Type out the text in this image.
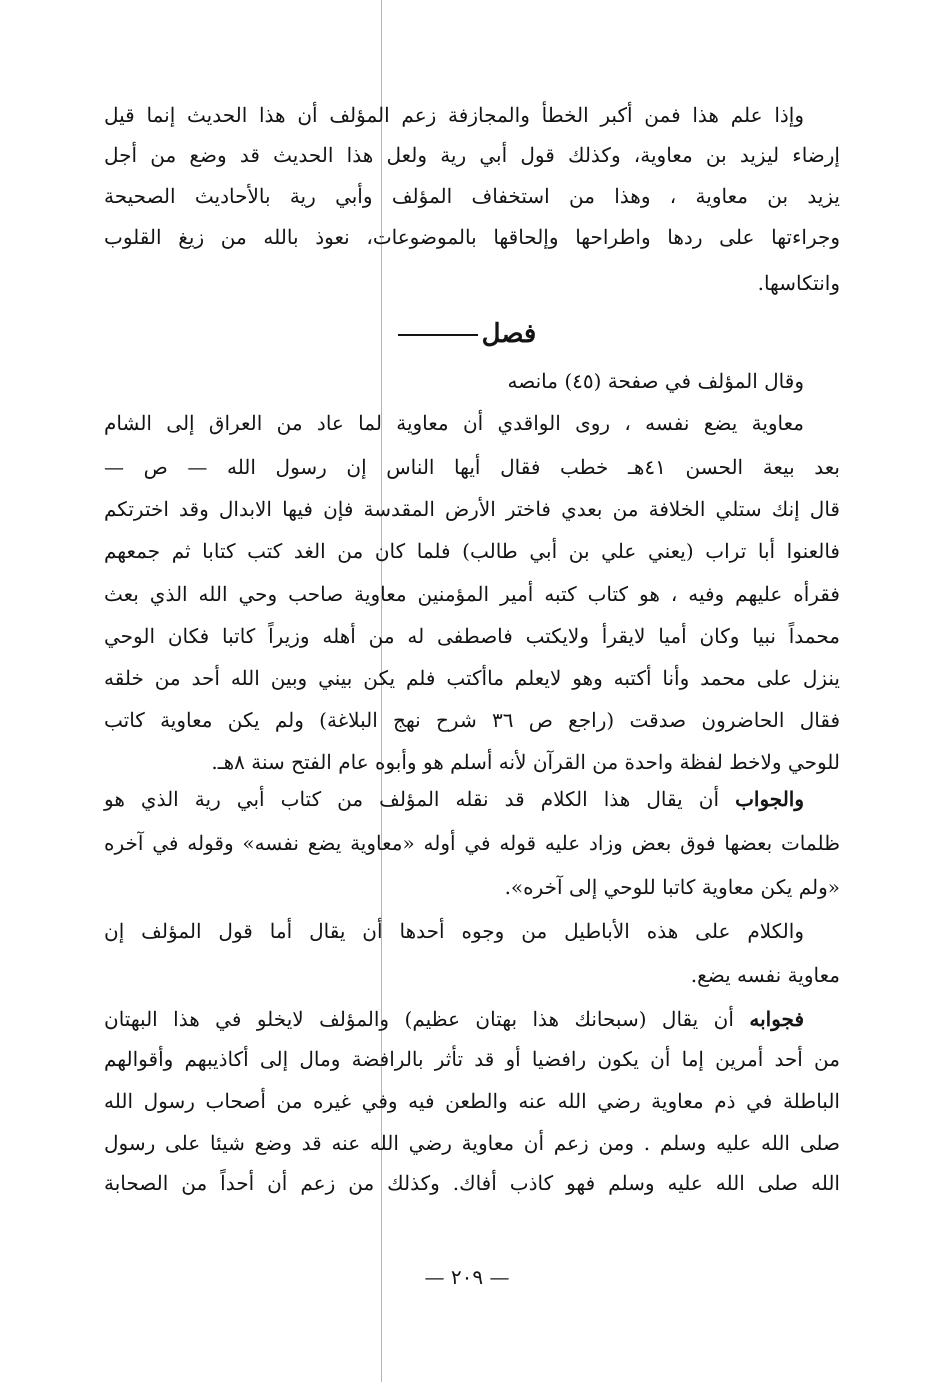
وإذا علم هذا فمن أكبر الخطأ والمجازفة زعم المؤلف أن هذا الحديث إنما قيل
إرضاء ليزيد بن معاوية، وكذلك قول أبي رية ولعل هذا الحديث قد وضع من أجل
يزيد بن معاوية ، وهذا من استخفاف المؤلف وأبي رية بالأحاديث الصحيحة
وجراءتها على ردها واطراحها وإلحاقها بالموضوعات، نعوذ بالله من زيغ القلوب
وانتكاسها.
فصل
وقال المؤلف في صفحة (٤٥) مانصه
معاوية يضع نفسه ، روى الواقدي أن معاوية لما عاد من العراق إلى الشام
بعد بيعة الحسن ٤١هـ خطب فقال أيها الناس إن رسول الله — ص —
قال إنك ستلي الخلافة من بعدي فاختر الأرض المقدسة فإن فيها الابدال وقد اخترتكم
فالعنوا أبا تراب (يعني علي بن أبي طالب) فلما كان من الغد كتب كتابا ثم جمعهم
فقرأه عليهم وفيه ، هو كتاب كتبه أمير المؤمنين معاوية صاحب وحي الله الذي بعث
محمداً نبيا وكان أميا لايقرأ ولايكتب فاصطفى له من أهله وزيراً كاتبا فكان الوحي
ينزل على محمد وأنا أكتبه وهو لايعلم ماأكتب فلم يكن بيني وبين الله أحد من خلقه
فقال الحاضرون صدقت (راجع ص ٣٦ شرح نهج البلاغة) ولم يكن معاوية كاتب
للوحي ولاخط لفظة واحدة من القرآن لأنه أسلم هو وأبوه عام الفتح سنة ٨هـ.
والجواب أن يقال هذا الكلام قد نقله المؤلف من كتاب أبي رية الذي هو
ظلمات بعضها فوق بعض وزاد عليه قوله في أوله «معاوية يضع نفسه» وقوله في آخره
«ولم يكن معاوية كاتبا للوحي إلى آخره».
والكلام على هذه الأباطيل من وجوه أحدها أن يقال أما قول المؤلف إن
معاوية نفسه يضع.
فجوابه أن يقال (سبحانك هذا بهتان عظيم) والمؤلف لايخلو في هذا البهتان
من أحد أمرين إما أن يكون رافضيا أو قد تأثر بالرافضة ومال إلى أكاذيبهم وأقوالهم
الباطلة في ذم معاوية رضي الله عنه والطعن فيه وفي غيره من أصحاب رسول الله
صلى الله عليه وسلم . ومن زعم أن معاوية رضي الله عنه قد وضع شيئا على رسول
الله صلى الله عليه وسلم فهو كاذب أفاك. وكذلك من زعم أن أحداً من الصحابة
— ٢٠٩ —
